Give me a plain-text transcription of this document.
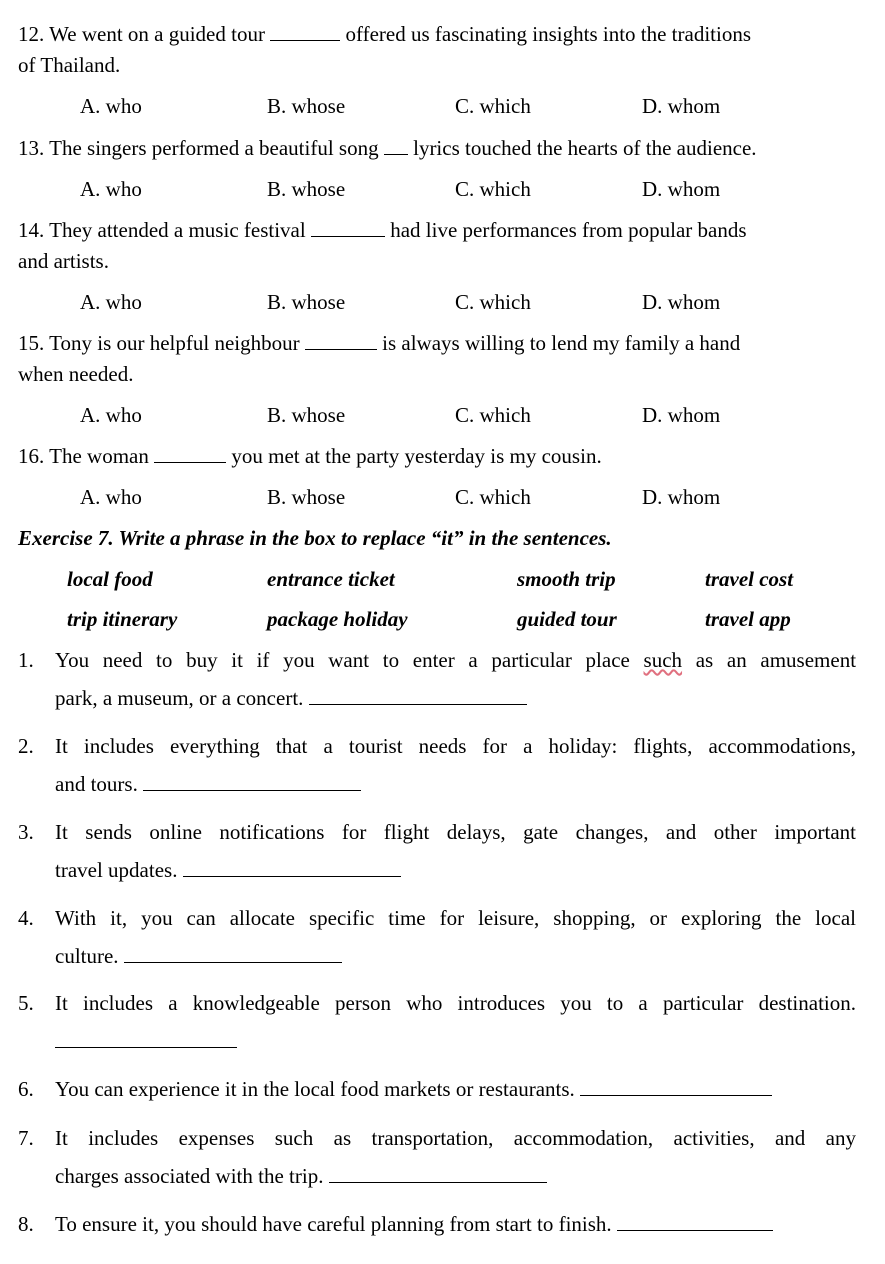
12. We went on a guided tour	offered us fascinating insights into the traditions
of Thailand.
A. who	B. whose	C. which	D. whom
13. The singers performed a beautiful song lyrics touched the hearts of the audience.
A. who	B. whose	C. which	D. whom
14. They attended a music festival	had live performances from popular bands
and artists.
A. who	B. whose	C. which	D. whom
15. Tony is our helpful neighbour	is always willing to lend my family a hand
when needed.
A. who	B. whose	C. which	D. whom
16. The woman	you met at the party yesterday is my cousin.
A. who	B. whose	C. which	D. whom
Exercise 7. Write a phrase in the box to replace “it” in the sentences.
local food	entrance ticket	smooth trip	travel cost
trip itinerary	package holiday	guided tour	travel app
1.	You need to buy it if you want to enter a particular place such as an amusement
park, a museum, or a concert.
2.	It includes everything that a tourist needs for a holiday: flights, accommodations,
and tours.
3.	It sends online notifications for flight delays, gate changes, and other important
travel updates.
4.	With it, you can allocate specific time for leisure, shopping, or exploring the local
culture.
5.	It includes a knowledgeable person who introduces you to a particular destination.
6.	You can experience it in the local food markets or restaurants.
7.	It includes expenses such as transportation, accommodation, activities, and any
charges associated with the trip.
8.	To ensure it, you should have careful planning from start to finish.
